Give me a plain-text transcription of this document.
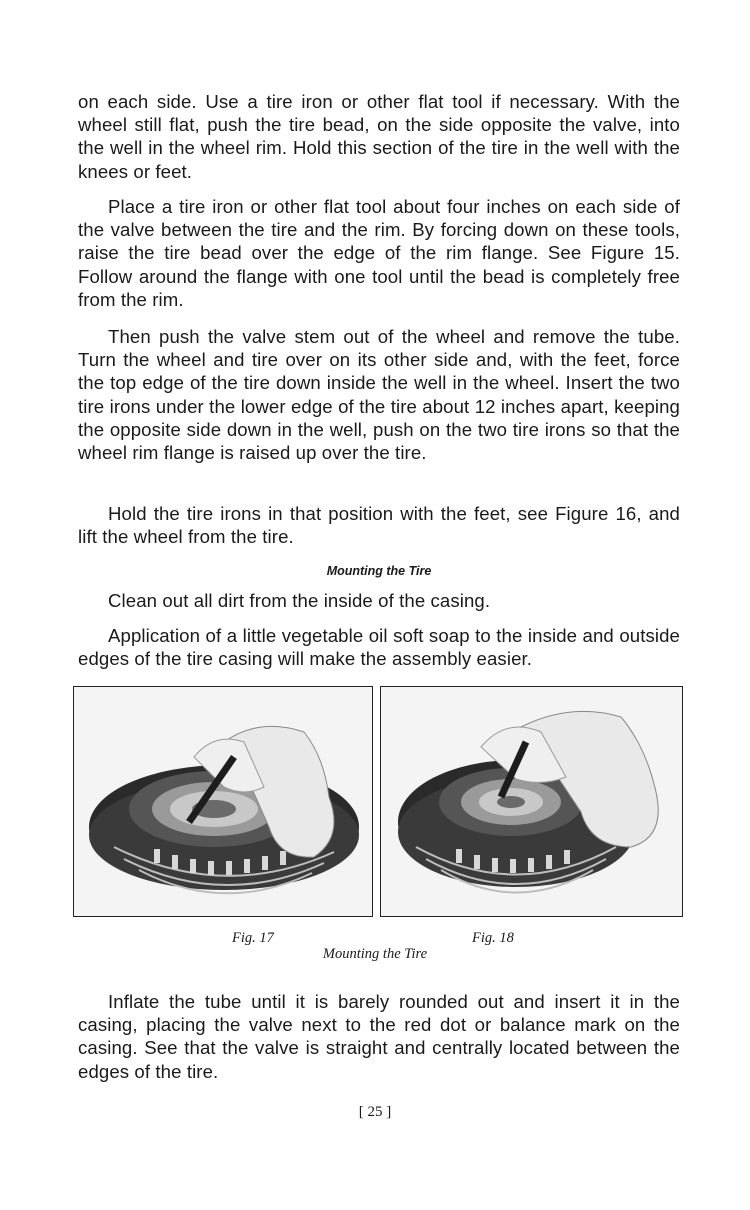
on each side. Use a tire iron or other flat tool if necessary. With the wheel still flat, push the tire bead, on the side opposite the valve, into the well in the wheel rim. Hold this section of the tire in the well with the knees or feet.

Place a tire iron or other flat tool about four inches on each side of the valve between the tire and the rim. By forcing down on these tools, raise the tire bead over the edge of the rim flange. See Figure 15. Follow around the flange with one tool until the bead is completely free from the rim.

Then push the valve stem out of the wheel and remove the tube. Turn the wheel and tire over on its other side and, with the feet, force the top edge of the tire down inside the well in the wheel. Insert the two tire irons under the lower edge of the tire about 12 inches apart, keeping the opposite side down in the well, push on the two tire irons so that the wheel rim flange is raised up over the tire.

Hold the tire irons in that position with the feet, see Figure 16, and lift the wheel from the tire.

Mounting the Tire

Clean out all dirt from the inside of the casing.

Application of a little vegetable oil soft soap to the inside and outside edges of the tire casing will make the assembly easier.

Inflate the tube until it is barely rounded out and insert it in the casing, placing the valve next to the red dot or balance mark on the casing. See that the valve is straight and centrally located between the edges of the tire.

Fig. 17	Fig. 18
Mounting the Tire
[ 25 ]
